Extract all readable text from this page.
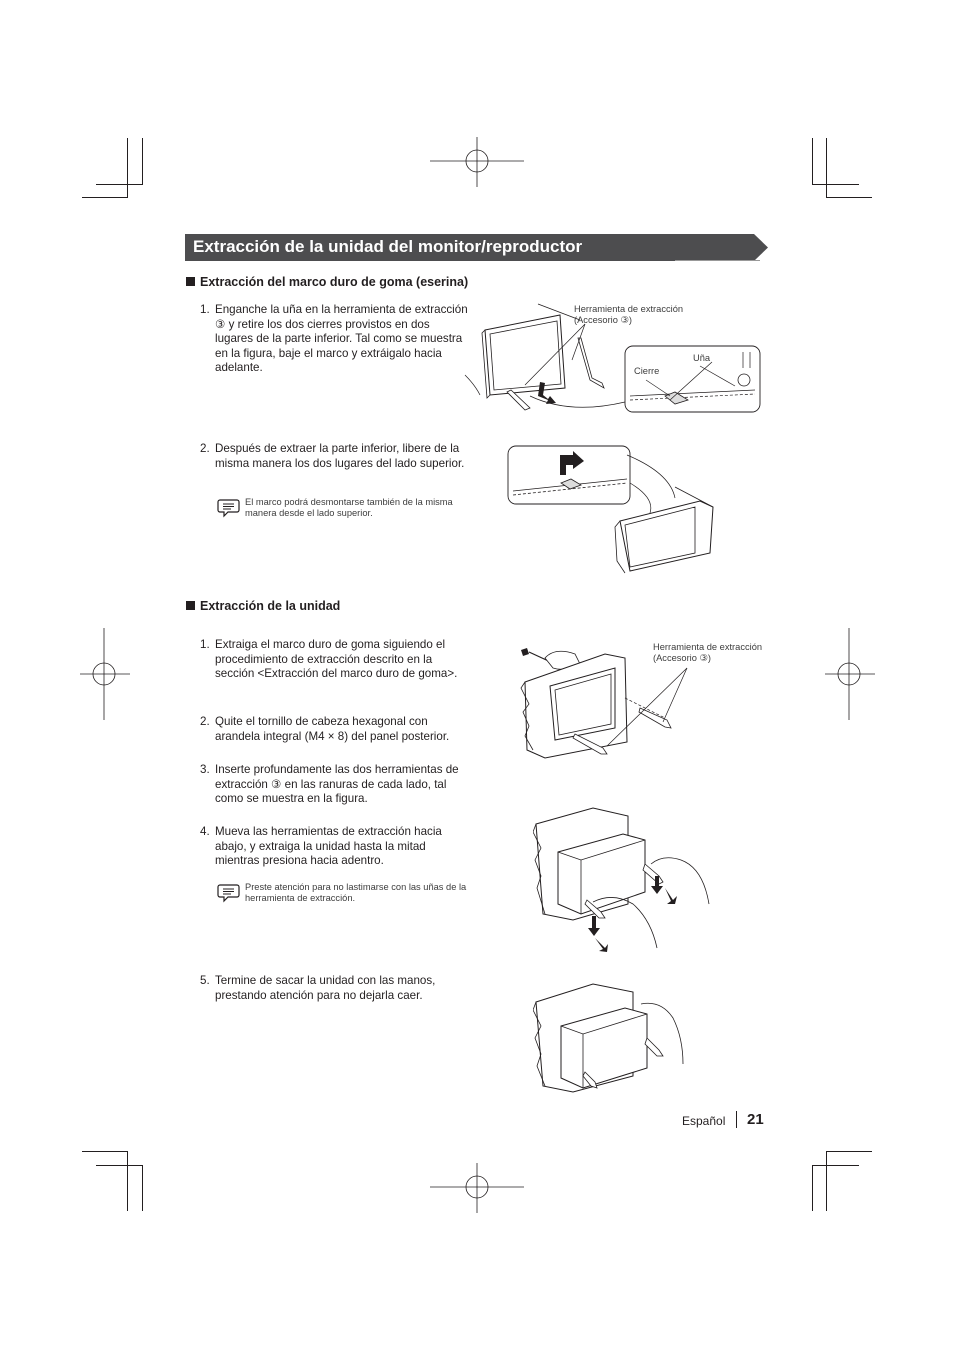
Extracción de la unidad del monitor/reproductor
Extracción del marco duro de goma (eserina)
1. Enganche la uña en la herramienta de extracción ③ y retire los dos cierres provistos en dos lugares de la parte inferior. Tal como se muestra en la figura, baje el marco y extráigalo hacia adelante.
2. Después de extraer la parte inferior, libere de la misma manera los dos lugares del lado superior.
El marco podrá desmontarse también de la misma manera desde el lado superior.
Herramienta de extracción (Accesorio ③)
Cierre
Uña
Extracción de la unidad
1. Extraiga el marco duro de goma siguiendo el procedimiento de extracción descrito en la sección <Extracción del marco duro de goma>.
2. Quite el tornillo de cabeza hexagonal con arandela integral (M4 × 8) del panel posterior.
3. Inserte profundamente las dos herramientas de extracción ③ en las ranuras de cada lado, tal como se muestra en la figura.
4. Mueva las herramientas de extracción hacia abajo, y extraiga la unidad hasta la mitad mientras presiona hacia adentro.
Preste atención para no lastimarse con las uñas de la herramienta de extracción.
5. Termine de sacar la unidad con las manos, prestando atención para no dejarla caer.
Herramienta de extracción (Accesorio ③)
Español 21
